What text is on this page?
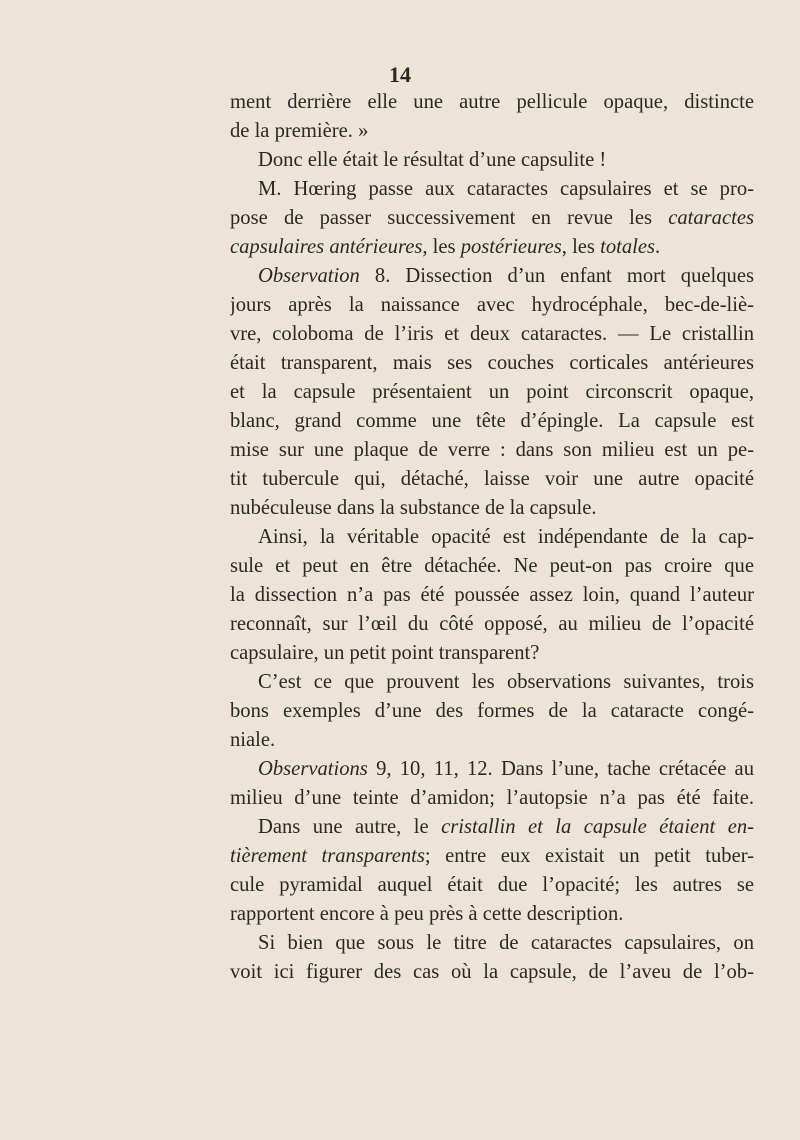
14
ment derrière elle une autre pellicule opaque, distincte
de la première. »
Donc elle était le résultat d’une capsulite !
M. Hœring passe aux cataractes capsulaires et se pro-
pose de passer successivement en revue les cataractes
capsulaires antérieures, les postérieures, les totales.
Observation 8. Dissection d’un enfant mort quelques
jours après la naissance avec hydrocéphale, bec-de-liè-
vre, coloboma de l’iris et deux cataractes. — Le cristallin
était transparent, mais ses couches corticales antérieures
et la capsule présentaient un point circonscrit opaque,
blanc, grand comme une tête d’épingle. La capsule est
mise sur une plaque de verre : dans son milieu est un pe-
tit tubercule qui, détaché, laisse voir une autre opacité
nubéculeuse dans la substance de la capsule.
Ainsi, la véritable opacité est indépendante de la cap-
sule et peut en être détachée. Ne peut-on pas croire que
la dissection n’a pas été poussée assez loin, quand l’auteur
reconnaît, sur l’œil du côté opposé, au milieu de l’opacité
capsulaire, un petit point transparent?
C’est ce que prouvent les observations suivantes, trois
bons exemples d’une des formes de la cataracte congé-
niale.
Observations 9, 10, 11, 12. Dans l’une, tache crétacée au
milieu d’une teinte d’amidon; l’autopsie n’a pas été faite.
Dans une autre, le cristallin et la capsule étaient en-
tièrement transparents; entre eux existait un petit tuber-
cule pyramidal auquel était due l’opacité; les autres se
rapportent encore à peu près à cette description.
Si bien que sous le titre de cataractes capsulaires, on
voit ici figurer des cas où la capsule, de l’aveu de l’ob-
